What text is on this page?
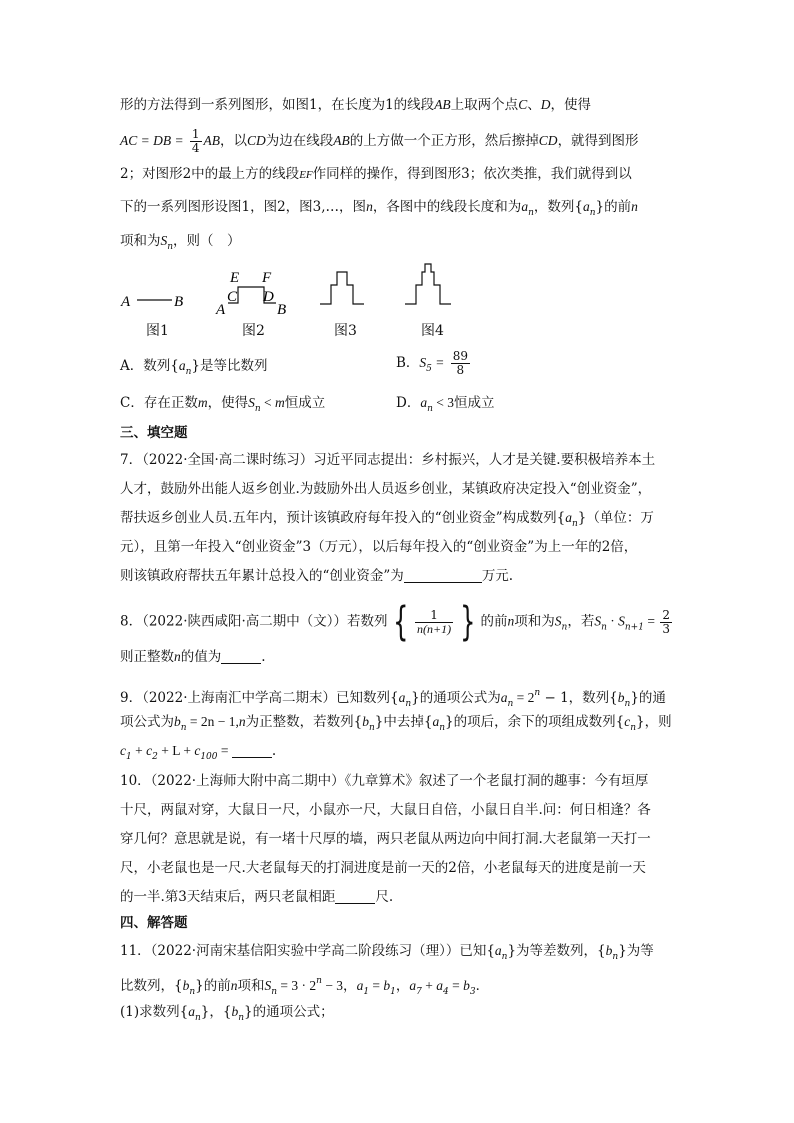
形的方法得到一系列图形，如图1，在长度为1的线段AB上取两个点C、D，使得
AC = DB = $\frac{1}{4}$ AB，以CD为边在线段AB的上方做一个正方形，然后擦掉CD，就得到图形
2；对图形2中的最上方的线段EF作同样的操作，得到图形3；依次类推，我们就得到以
下的一系列图形设图1，图2，图3,…，图n，各图中的线段长度和为$a_n$，数列$\{a_n\}$的前n
项和为$S_n$，则（　）
A	B
E F
C D
A	B
图1	图2	图3	图4
A．数列$\{a_n\}$是等比数列	B．$S_5 = \frac{89}{8}$
C．存在正数m，使得$S_n < m$恒成立	D．$a_n < 3$恒成立
三、填空题
7．（2022·全国·高二课时练习）习近平同志提出：乡村振兴，人才是关键.要积极培养本土
人才，鼓励外出能人返乡创业.为鼓励外出人员返乡创业，某镇政府决定投入“创业资金”，
帮扶返乡创业人员.五年内，预计该镇政府每年投入的“创业资金”构成数列$\{a_n\}$（单位：万
元），且第一年投入“创业资金”3（万元），以后每年投入的“创业资金”为上一年的2倍，
则该镇政府帮扶五年累计总投入的“创业资金”为	万元.
8．（2022·陕西咸阳·高二期中（文））若数列 { $\frac{1}{n(n+1)}$ } 的前n项和为$S_n$，若$S_n \cdot S_{n+1} = \frac{2}{3}$
则正整数n的值为	.
9．（2022·上海南汇中学高二期末）已知数列$\{a_n\}$的通项公式为$a_n = 2^n - 1$，数列$\{b_n\}$的通
项公式为$b_n = 2n - 1,n$为正整数，若数列$\{b_n\}$中去掉$\{a_n\}$的项后，余下的项组成数列$\{c_n\}$，则
$c_1 + c_2 + L + c_{100}$ =	.
10．（2022·上海师大附中高二期中）《九章算术》叙述了一个老鼠打洞的趣事：今有垣厚
十尺，两鼠对穿，大鼠日一尺，小鼠亦一尺，大鼠日自倍，小鼠日自半.问：何日相逢？各
穿几何？意思就是说，有一堵十尺厚的墙，两只老鼠从两边向中间打洞.大老鼠第一天打一
尺，小老鼠也是一尺.大老鼠每天的打洞进度是前一天的2倍，小老鼠每天的进度是前一天
的一半.第3天结束后，两只老鼠相距	尺.
四、解答题
11．（2022·河南宋基信阳实验中学高二阶段练习（理））已知$\{a_n\}$为等差数列，$\{b_n\}$为等
比数列，$\{b_n\}$的前n项和$S_n = 3 \cdot 2^n - 3$，$a_1 = b_1$，$a_7 + a_4 = b_3$．
(1)求数列$\{a_n\}$，$\{b_n\}$的通项公式；
